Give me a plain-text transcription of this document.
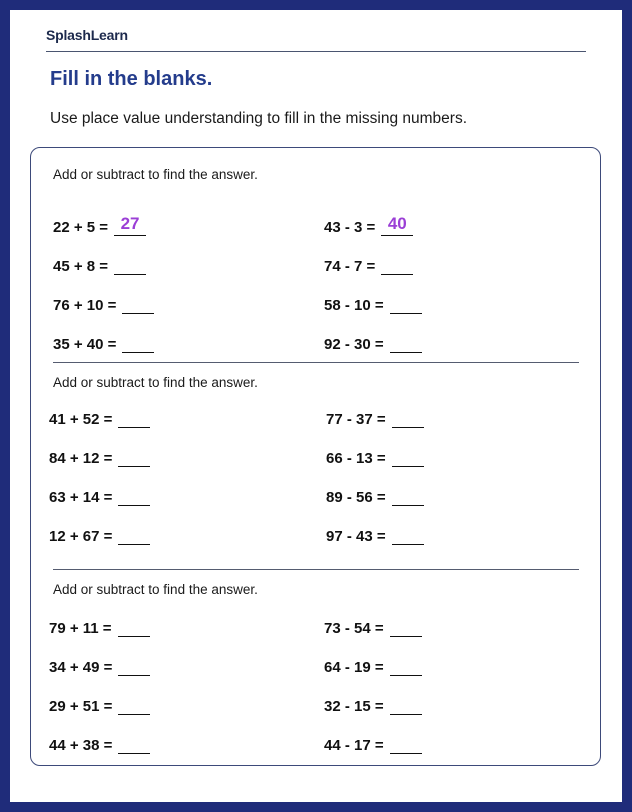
SplashLearn
Fill in the blanks.
Use place value understanding to fill in the missing numbers.
Add or subtract to find the answer.
22 + 5 = 27
45 + 8 =
76 + 10 =
35 + 40 =
43 - 3 = 40
74 - 7 =
58 - 10 =
92 - 30 =
Add or subtract to find the answer.
41 + 52 =
84 + 12 =
63 + 14 =
12 + 67 =
77 - 37 =
66 - 13 =
89 - 56 =
97 - 43 =
Add or subtract to find the answer.
79 + 11 =
34 + 49 =
29 + 51 =
44 + 38 =
73 - 54 =
64 - 19 =
32 - 15 =
44 - 17 =
